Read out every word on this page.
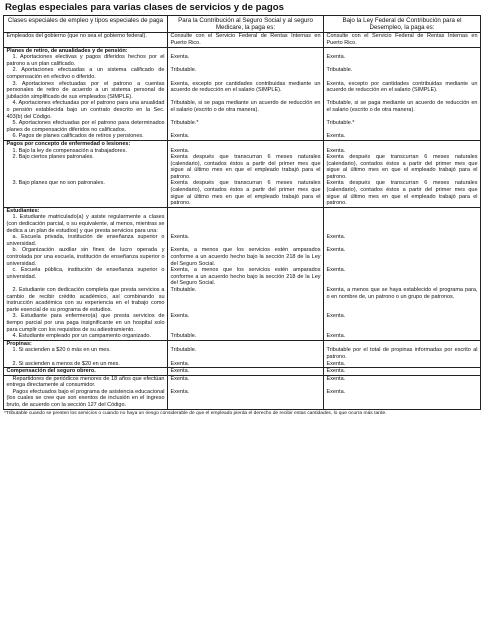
Reglas especiales para varias clases de servicios y de pagos
Clases especiales de empleo y tipos especiales de paga	Para la Contribución al Seguro Social y al seguro Medicare, la paga es:	Bajo la Ley Federal de Contribución para el Desempleo, la paga es:
Empleados del gobierno (que no sea el gobierno federal).	Consulte con el Servicio Federal de Rentas Internas en Puerto Rico.	Consulte con el Servicio Federal de Rentas Internas en Puerto Rico.
Planes de retiro, de anualidades y de pensión:		
1. Aportaciones electivas y pagos diferidos hechos por el patrono a un plan calificado.	Exenta.	Exenta.
2. Aportaciones efectuadas a un sistema calificado de compensación en efectivo o diferido.	Tributable.	Tributable.
3. Aportaciones efectuadas por el patrono a cuentas personales de retiro de acuerdo a un sistema personal de jubilación simplificado de sus empleados (SIMPLE).	Exenta, excepto por cantidades contribuidas mediante un acuerdo de reducción en el salario (SIMPLE).	Exenta, excepto por cantidades contribuidas mediante un acuerdo de reducción en el salario (SIMPLE).
4. Aportaciones efectuadas por el patrono para una anualidad o pensión establecida bajo un contrato descrito en la Sec. 403(b) del Código.	Tributable, si se paga mediante un acuerdo de reducción en el salario (escrito o de otra manera).	Tributable, si se paga mediante un acuerdo de reducción en el salario (escrito o de otra manera).
5. Aportaciones efectuadas por el patrono para determinados planes de compensación diferidos no calificados.	Tributable.*	Tributable.*
6. Pagos de planes calificados de retiros y pensiones.	Exenta.	Exenta.
Pagos por concepto de enfermedad o lesiones:		
1. Bajo la ley de compensación a trabajadores.	Exenta.	Exenta.
2. Bajo ciertos planes patronales.	Exenta después que transcurran 6 meses naturales (calendario), contados éstos a partir del primer mes que sigue al último mes en que el empleado trabajó para el patrono.	Exenta después que transcurran 6 meses naturales (calendario), contados éstos a partir del primer mes que sigue al último mes en que el empleado trabajó para el patrono.
3. Bajo planes que no son patronales.	Exenta después que transcurran 6 meses naturales (calendario), contados éstos a partir del primer mes que sigue al último mes en que el empleado trabajó para el patrono.	Exenta después que transcurran 6 meses naturales (calendario), contados éstos a partir del primer mes que sigue al último mes en que el empleado trabajó para el patrono.
Estudiantes:		
1. Estudiante matriculado(a) y asiste regularmente a clases (con dedicación parcial, o su equivalente, al menos, mientras se dedica a un plan de estudios) y que presta servicios para una:		
a. Escuela privada, institución de enseñanza superior o universidad.	Exenta.	Exenta.
b. Organización auxiliar sin fines de lucro operada y controlada por una escuela, institución de enseñanza superior o universidad.	Exenta, a menos que los servicios estén amparados conforme a un acuerdo hecho bajo la sección 218 de la Ley del Seguro Social.	Exenta.
c. Escuela pública, institución de enseñanza superior o universidad.	Exenta, a menos que los servicios estén amparados conforme a un acuerdo hecho bajo la sección 218 de la Ley del Seguro Social.	Exenta.
2. Estudiante con dedicación completa que presta servicios a cambio de recibir crédito académico, así combinando su instrucción académica con su experiencia en el trabajo como parte esencial de su programa de estudios.	Tributable.	Exenta, a menos que se haya establecido el programa para, o en nombre de, un patrono o un grupo de patronos.
3. Estudiante para enfermero(a) que presta servicios de tiempo parcial por una paga insignificante en un hospital solo para cumplir con los requisitos de su adiestramiento.	Exenta.	Exenta.
4. Estudiante empleado por un campamento organizado.	Tributable.	Exenta.
Propinas:		
1. Si ascienden a $20 ó más en un mes.	Tributable.	Tributable por el total de propinas informadas por escrito al patrono.
2. Si ascienden a menos de $20 en un mes.	Exenta.	Exenta.
Compensación del seguro obrero.	Exenta.	Exenta.
Repartidores de periódicos menores de 18 años que efectúan entrega directamente al consumidor.	Exenta.	Exenta.
Pagos efectuados bajo el programa de asistencia educacional (los cuales se cree que son exentos de inclusión en el ingreso bruto, de acuerdo con la sección 127 del Código.	Exenta.	Exenta.
*Tributable cuando se presten los servicios o cuando no haya un riesgo considerable de que el empleado pierda el derecho de recibir estas cantidades, lo que ocurra más tarde.
